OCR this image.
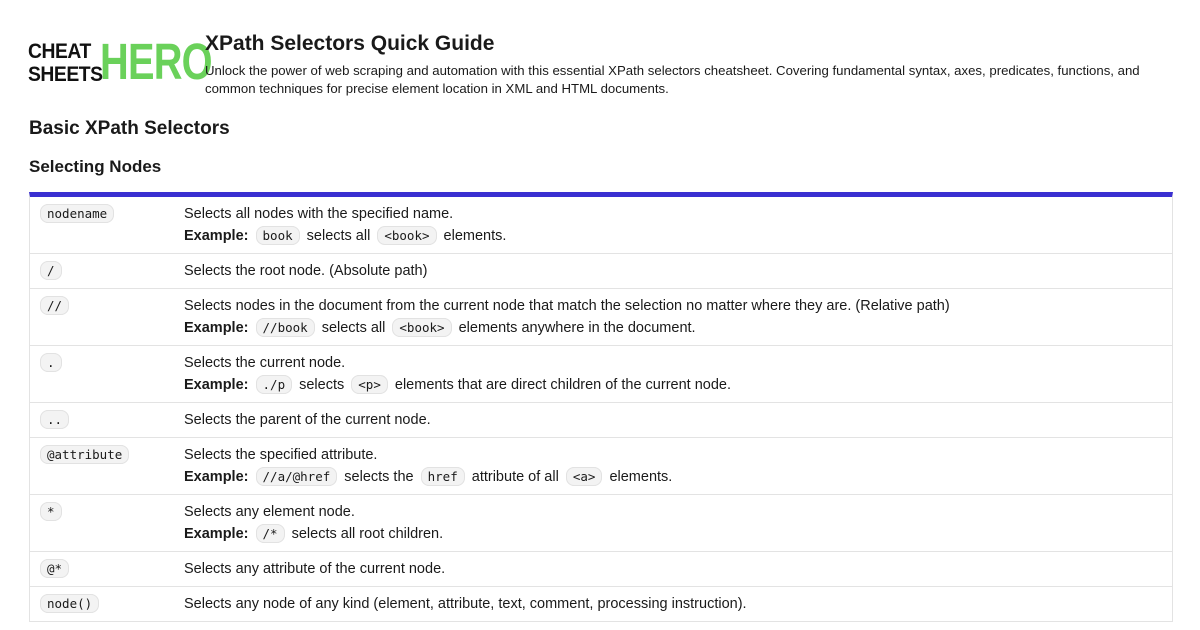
CHEAT
SHEETS
HERO
XPath Selectors Quick Guide

Unlock the power of web scraping and automation with this essential XPath selectors cheatsheet. Covering fundamental syntax, axes, predicates, functions, and common techniques for precise element location in XML and HTML documents.

Basic XPath Selectors
Selecting Nodes
nodename	Selects all nodes with the specified name.
Example: book selects all <book> elements.
/	Selects the root node. (Absolute path)
//	Selects nodes in the document from the current node that match the selection no matter where they are. (Relative path)
Example: //book selects all <book> elements anywhere in the document.
.	Selects the current node.
Example: ./p selects <p> elements that are direct children of the current node.
..	Selects the parent of the current node.
@attribute	Selects the specified attribute.
Example: //a/@href selects the href attribute of all <a> elements.
*	Selects any element node.
Example: /* selects all root children.
@*	Selects any attribute of the current node.
node()	Selects any node of any kind (element, attribute, text, comment, processing instruction).
